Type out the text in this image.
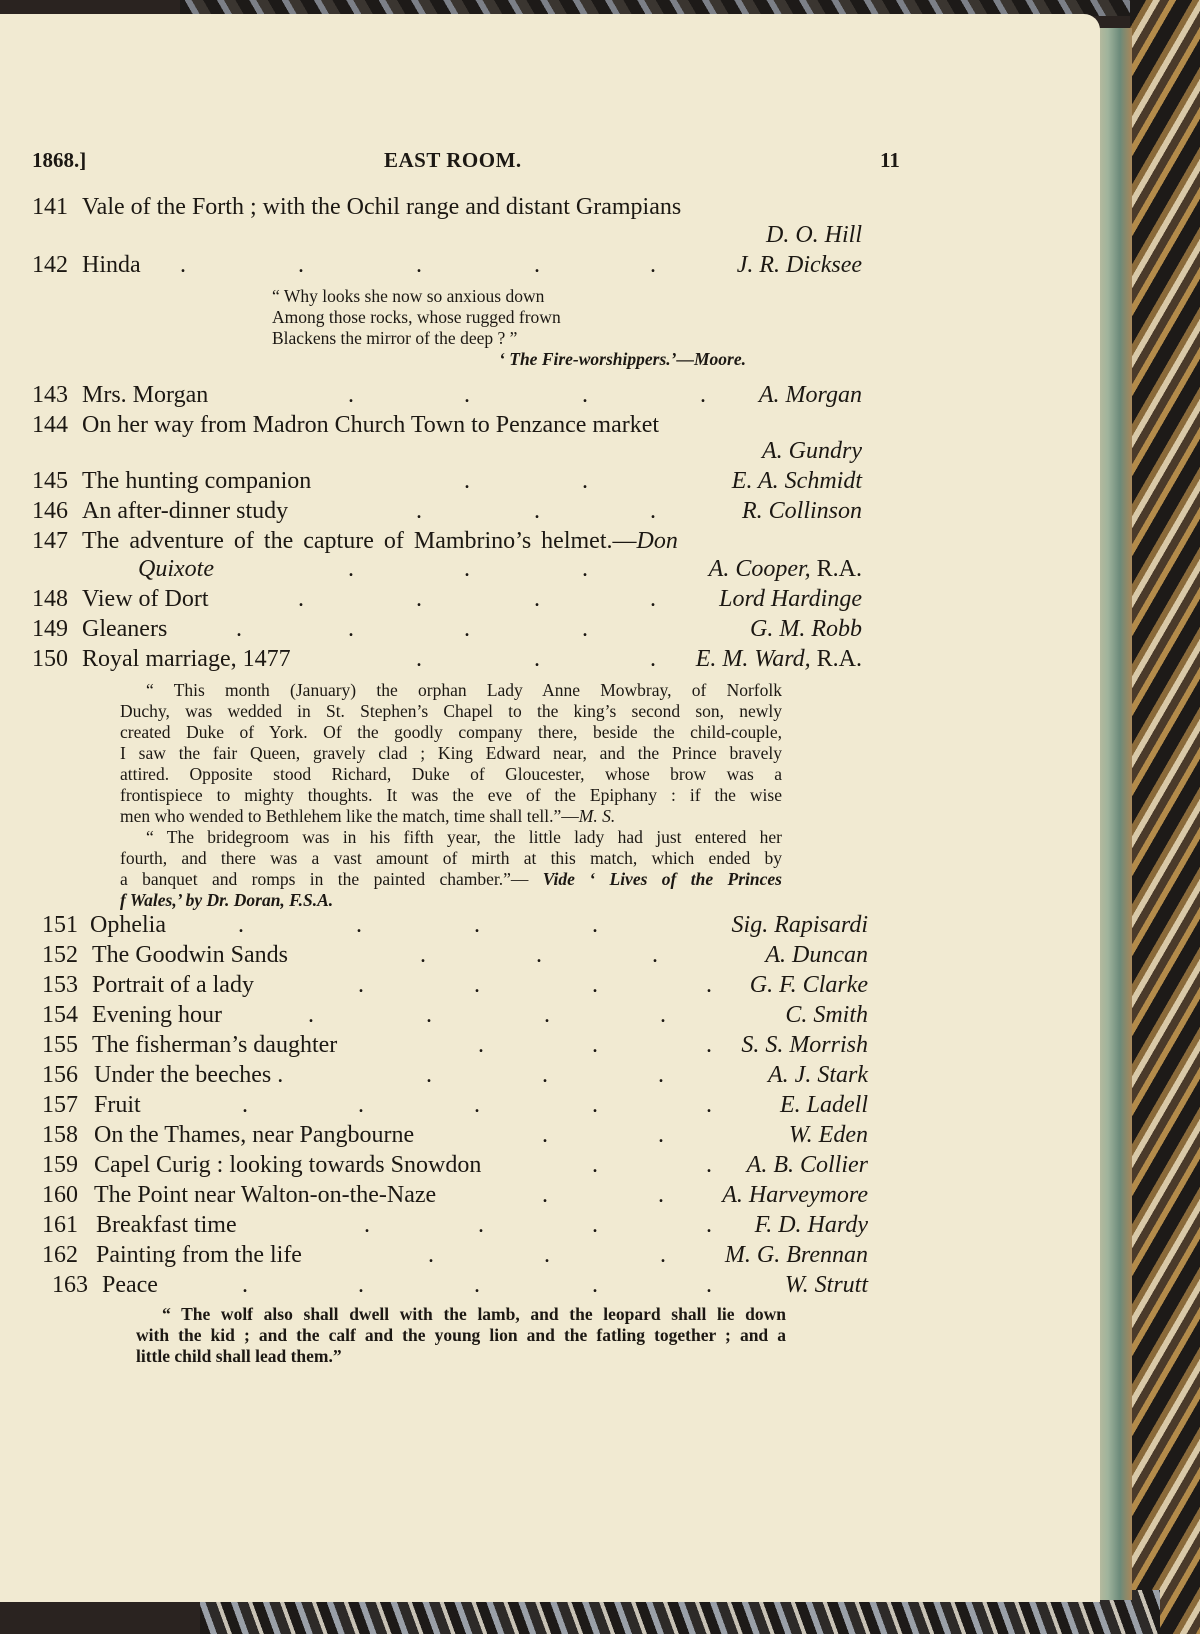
1868.]	EAST ROOM.	11
141 Vale of the Forth ; with the Ochil range and distant Grampians
D. O. Hill
142 Hinda .	.	.	.	.	J. R. Dicksee
“ Why looks she now so anxious down
Among those rocks, whose rugged frown
Blackens the mirror of the deep ? ”
‘ The Fire-worshippers.’—Moore.
143 Mrs. Morgan	.	.	.	. A. Morgan
144 On her way from Madron Church Town to Penzance market
A. Gundry
145 The hunting companion	.	.	E. A. Schmidt
146 An after-dinner study	.	.	.	R. Collinson
147 The adventure of the capture of Mambrino’s helmet.—Don
Quixote	.	.	.	A. Cooper, R.A.
148 View of Dort	.	.	.	.	Lord Hardinge
149 Gleaners	.	.	.	.	G. M. Robb
150 Royal marriage, 1477	.	.	. E. M. Ward, R.A.
“ This month (January) the orphan Lady Anne Mowbray, of Norfolk
Duchy, was wedded in St. Stephen’s Chapel to the king’s second son, newly
created Duke of York. Of the goodly company there, beside the child-couple,
I saw the fair Queen, gravely clad ; King Edward near, and the Prince bravely
attired. Opposite stood Richard, Duke of Gloucester, whose brow was a
frontispiece to mighty thoughts. It was the eve of the Epiphany : if the wise
men who wended to Bethlehem like the match, time shall tell.”—M. S.
“ The bridegroom was in his fifth year, the little lady had just entered her
fourth, and there was a vast amount of mirth at this match, which ended by
a banquet and romps in the painted chamber.”— Vide ‘ Lives of the Princes
f Wales,’ by Dr. Doran, F.S.A.
151 Ophelia	.	.	.	.	Sig. Rapisardi
152 The Goodwin Sands	.	.	.	A. Duncan
153 Portrait of a lady	.	.	.	. G. F. Clarke
154 Evening hour	.	.	.	.	C. Smith
155 The fisherman’s daughter	.	.	. S. S. Morrish
156 Under the beeches .	.	.	.	A. J. Stark
157 Fruit	.	.	.	.	.	E. Ladell
158 On the Thames, near Pangbourne	.	.	W. Eden
159 Capel Curig : looking towards Snowdon	.	. A. B. Collier
160 The Point near Walton-on-the-Naze	.	. A. Harveymore
161 Breakfast time	.	.	.	. F. D. Hardy
162 Painting from the life	.	.	. M. G. Brennan
163 Peace	.	.	.	.	.	W. Strutt
“ The wolf also shall dwell with the lamb, and the leopard shall lie down
with the kid ; and the calf and the young lion and the fatling together ; and a
little child shall lead them.”
